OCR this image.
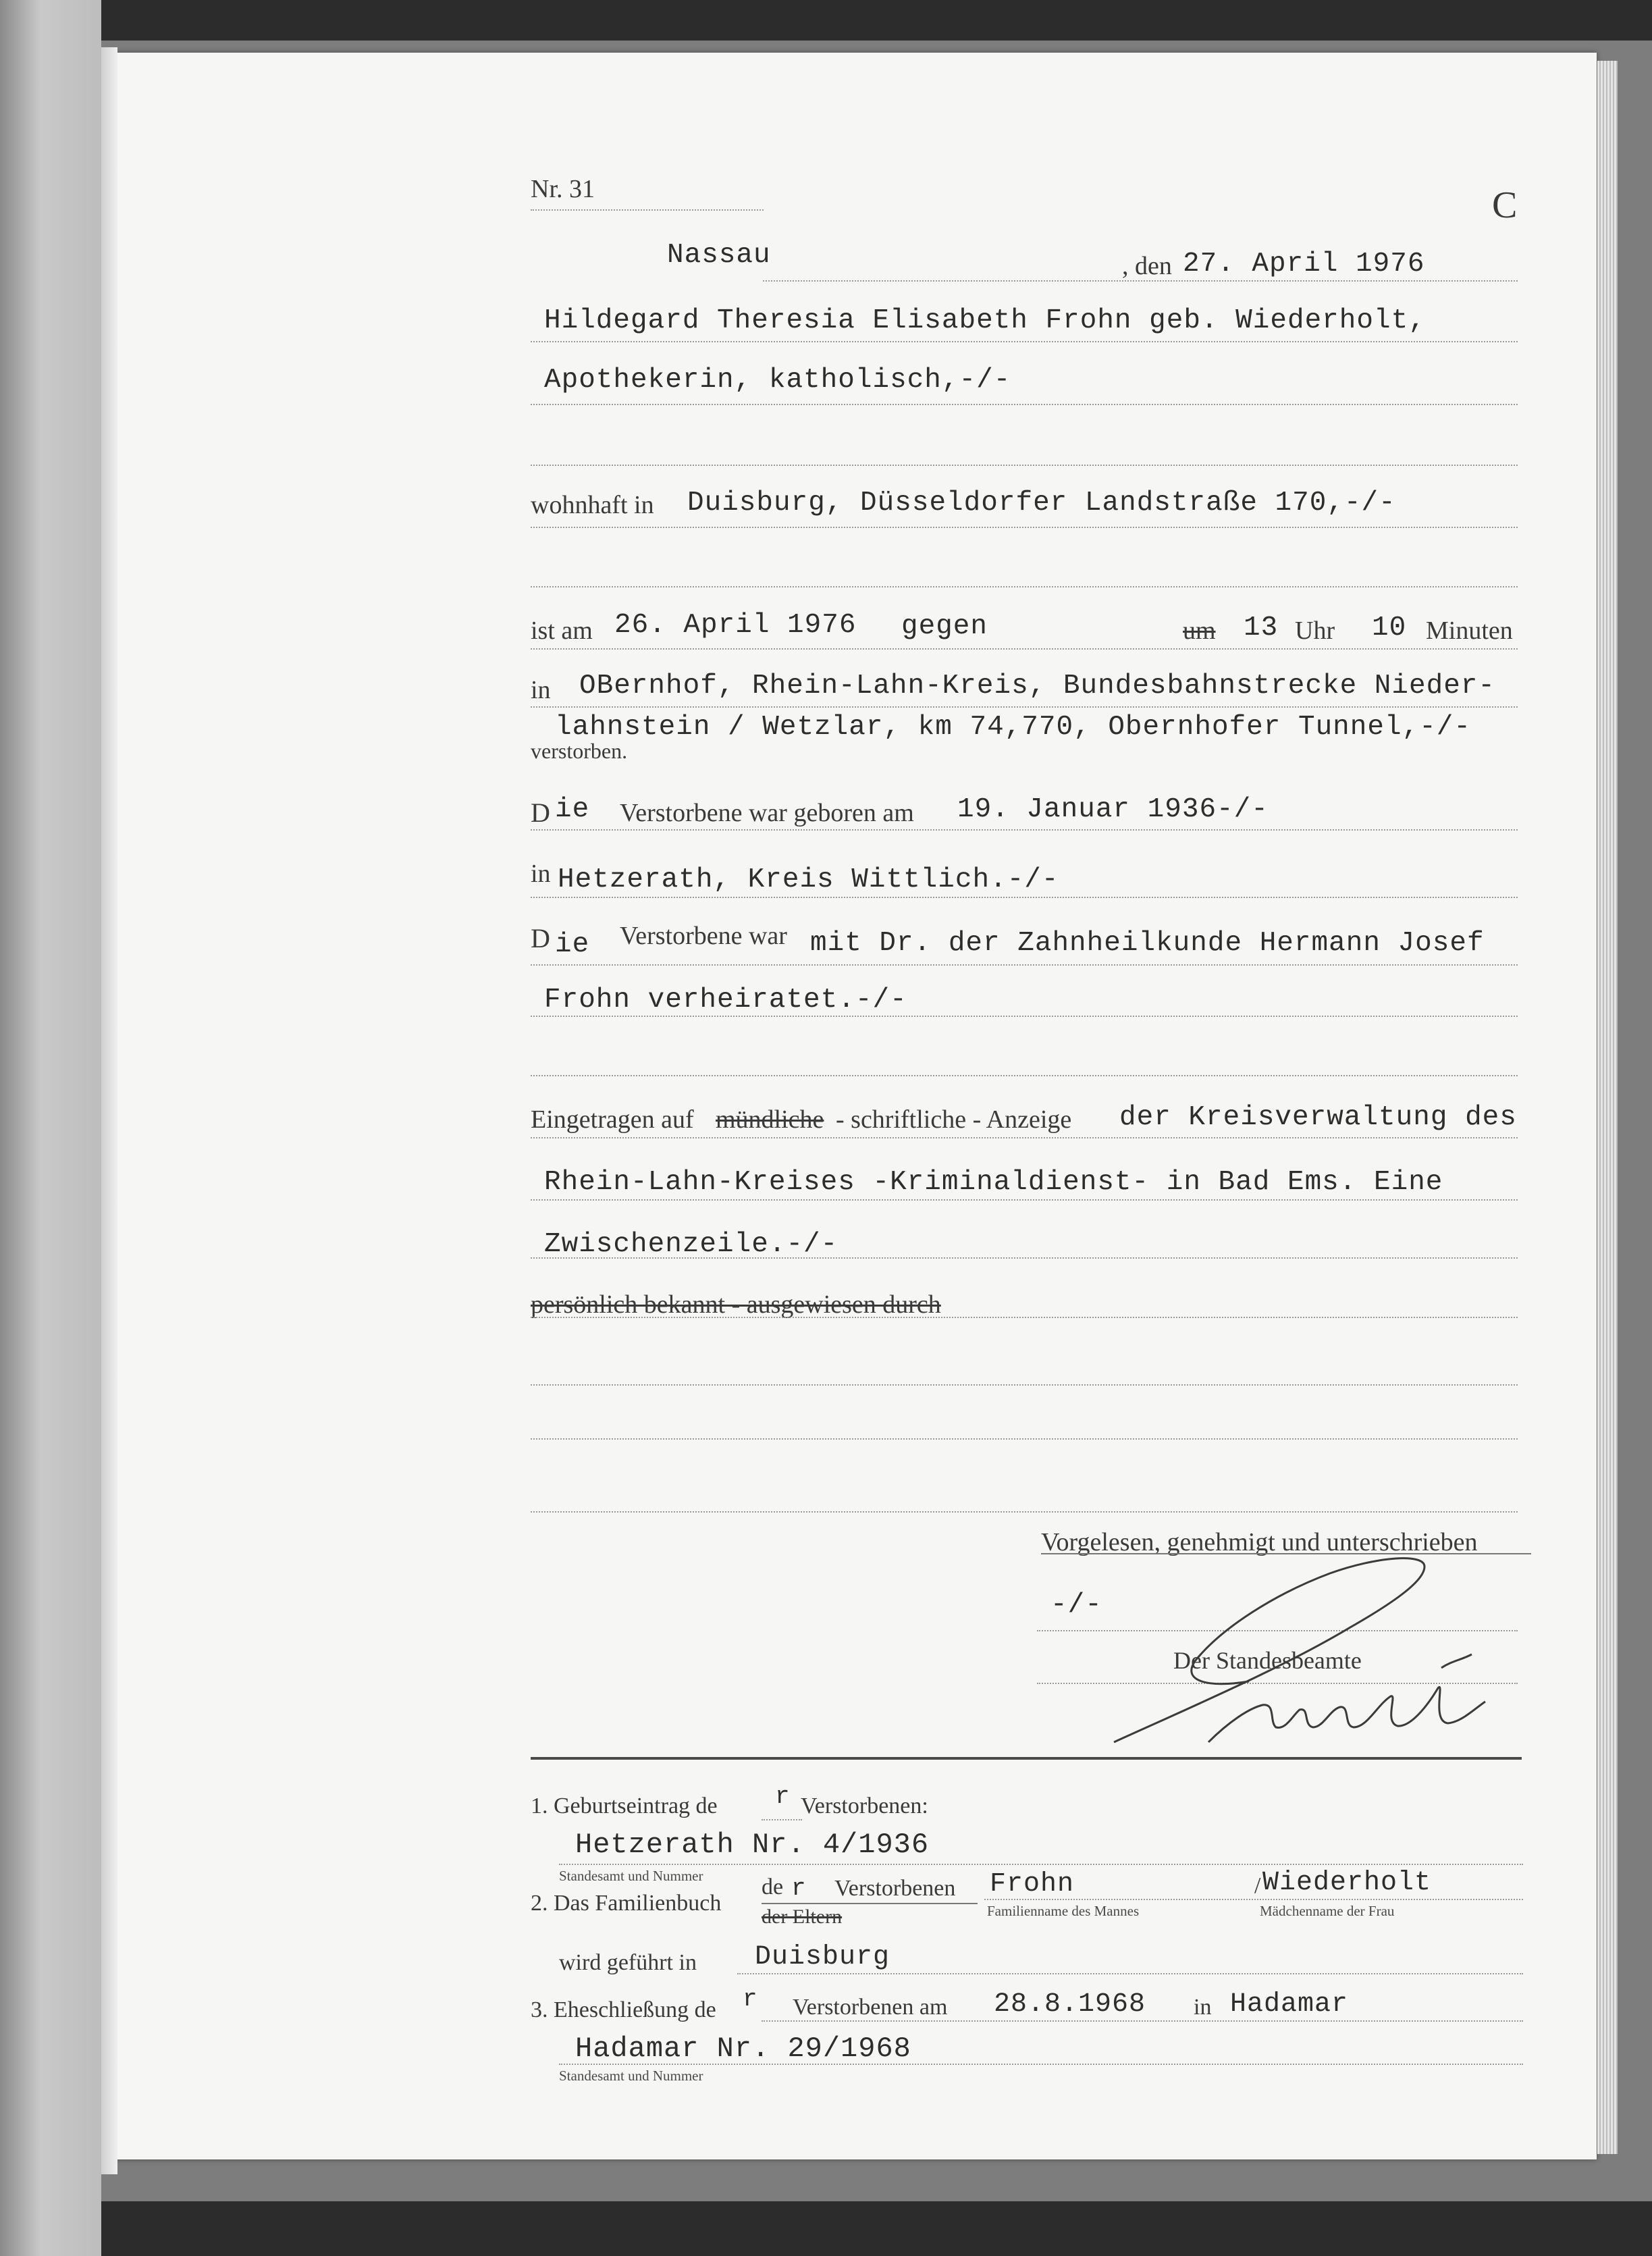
Nr. 31	C
Nassau	, den 27. April 1976
Hildegard Theresia Elisabeth Frohn geb. Wiederholt,
Apothekerin, katholisch,-/-
wohnhaft in Duisburg, Düsseldorfer Landstraße 170,-/-
ist am 26. April 1976 gegen	um 13 Uhr 10 Minuten
in OBernhof, Rhein-Lahn-Kreis, Bundesbahnstrecke Nieder-
lahnstein / Wetzlar, km 74,770, Obernhofer Tunnel,-/-
verstorben.
D ie Verstorbene war geboren am 19. Januar 1936-/-
in Hetzerath, Kreis Wittlich.-/-
D ie Verstorbene war mit Dr. der Zahnheilkunde Hermann Josef
Frohn verheiratet.-/-
Eingetragen auf mündliche - schriftliche - Anzeige der Kreisverwaltung des
Rhein-Lahn-Kreises -Kriminaldienst- in Bad Ems. Eine
Zwischenzeile.-/-
persönlich bekannt - ausgewiesen durch
Vorgelesen, genehmigt und unterschrieben
-/-
Der Standesbeamte
1. Geburtseintrag de r Verstorbenen:
Hetzerath Nr. 4/1936
Standesamt und Nummer
2. Das Familienbuch
de r Verstorbenen
der Eltern
Frohn	/ Wiederholt
Familienname des Mannes	Mädchenname der Frau
wird geführt in Duisburg
3. Eheschließung de r Verstorbenen am 28.8.1968 in Hadamar
Hadamar Nr. 29/1968
Standesamt und Nummer
